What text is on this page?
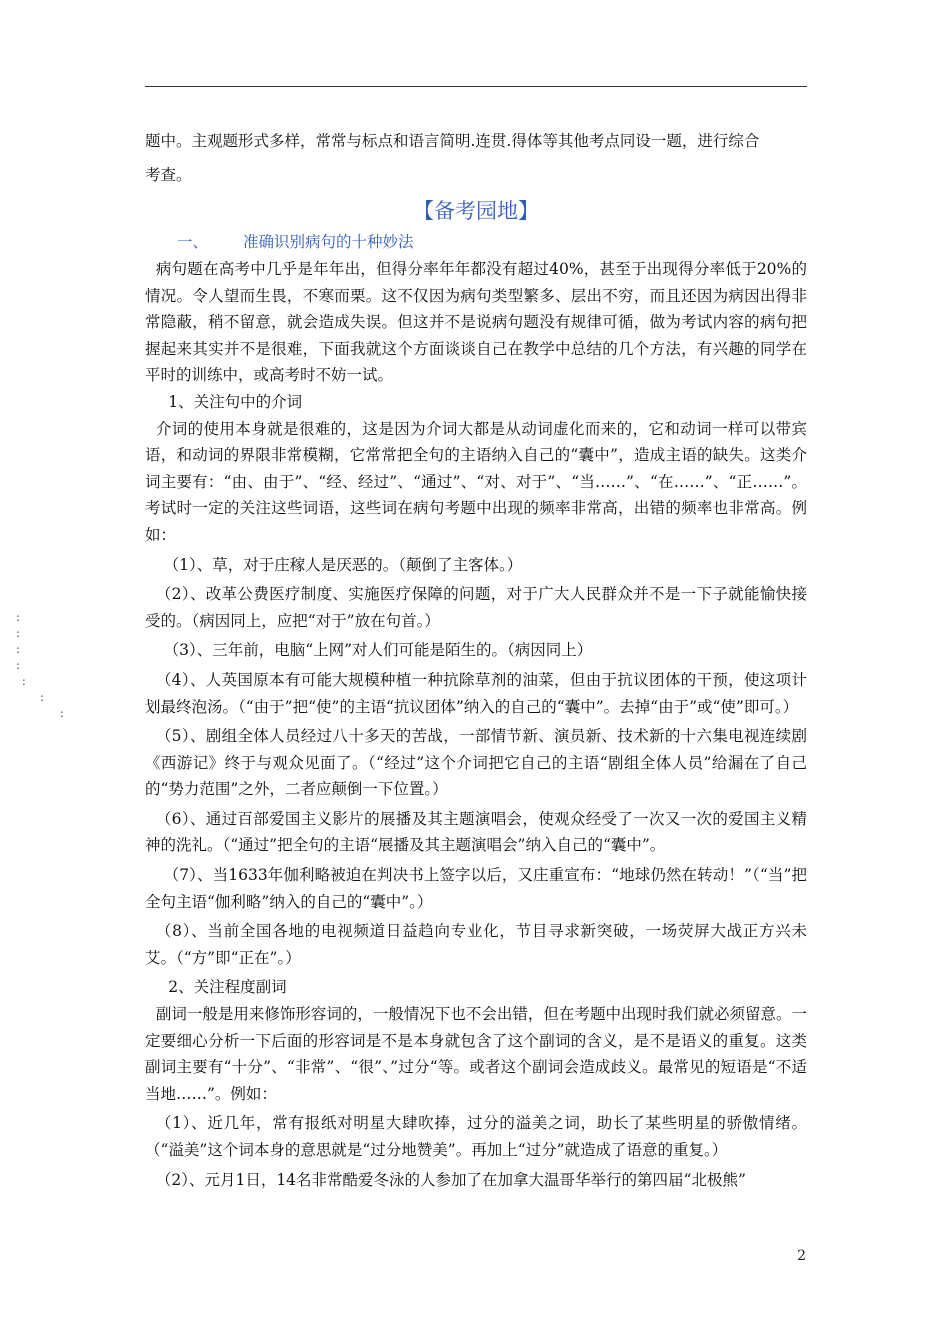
题中。主观题形式多样，常常与标点和语言简明.连贯.得体等其他考点同设一题，进行综合

考查。

【备考园地】

一、 准确识别病句的十种妙法

病句题在高考中几乎是年年出，但得分率年年都没有超过40%，甚至于出现得分率低于20%的情况。令人望而生畏，不寒而栗。这不仅因为病句类型繁多、层出不穷，而且还因为病因出得非常隐蔽，稍不留意，就会造成失误。但这并不是说病句题没有规律可循，做为考试内容的病句把握起来其实并不是很难，下面我就这个方面谈谈自己在教学中总结的几个方法，有兴趣的同学在平时的训练中，或高考时不妨一试。

1、关注句中的介词

介词的使用本身就是很难的，这是因为介词大都是从动词虚化而来的，它和动词一样可以带宾语，和动词的界限非常模糊，它常常把全句的主语纳入自己的“囊中”，造成主语的缺失。这类介词主要有：“由、由于”、“经、经过”、“通过”、“对、对于”、“当……”、“在……”、“正……”。考试时一定的关注这些词语，这些词在病句考题中出现的频率非常高，出错的频率也非常高。例如：

（1）、草，对于庄稼人是厌恶的。（颠倒了主客体。）

（2）、改革公费医疗制度、实施医疗保障的问题，对于广大人民群众并不是一下子就能愉快接受的。（病因同上，应把“对于”放在句首。）

（3）、三年前，电脑“上网”对人们可能是陌生的。（病因同上）

（4）、人英国原本有可能大规模种植一种抗除草剂的油菜，但由于抗议团体的干预，使这项计划最终泡汤。（“由于”把“使”的主语“抗议团体”纳入的自己的“囊中”。去掉“由于”或“使”即可。）

（5）、剧组全体人员经过八十多天的苦战，一部情节新、演员新、技术新的十六集电视连续剧《西游记》终于与观众见面了。（“经过”这个介词把它自己的主语“剧组全体人员”给漏在了自己的“势力范围”之外，二者应颠倒一下位置。）

（6）、通过百部爱国主义影片的展播及其主题演唱会，使观众经受了一次又一次的爱国主义精神的洗礼。（“通过”把全句的主语“展播及其主题演唱会”纳入自己的“囊中”。

（7）、当1633年伽利略被迫在判决书上签字以后，又庄重宣布：“地球仍然在转动！”（“当”把全句主语“伽利略”纳入的自己的“囊中”。）

（8）、当前全国各地的电视频道日益趋向专业化，节目寻求新突破，一场荧屏大战正方兴未艾。（“方”即“正在”。）

2、关注程度副词

副词一般是用来修饰形容词的，一般情况下也不会出错，但在考题中出现时我们就必须留意。一定要细心分析一下后面的形容词是不是本身就包含了这个副词的含义，是不是语义的重复。这类副词主要有“十分”、“非常”、“很”、”过分“等。或者这个副词会造成歧义。最常见的短语是“不适当地……”。例如：

（1）、近几年，常有报纸对明星大肆吹捧，过分的溢美之词，助长了某些明星的骄傲情绪。（“溢美”这个词本身的意思就是“过分地赞美”。再加上“过分”就造成了语意的重复。）

（2）、元月1日，14名非常酷爱冬泳的人参加了在加拿大温哥华举行的第四届“北极熊”

:
:
:
:
:
:
:
2
